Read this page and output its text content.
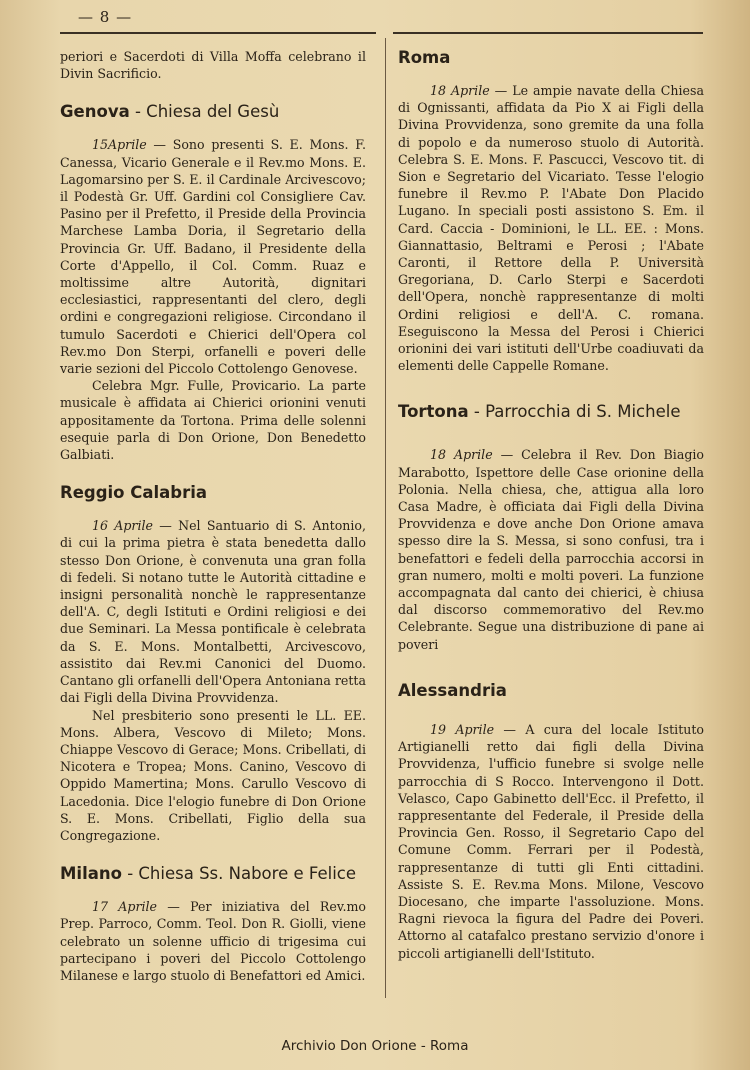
— 8 —

periori e Sacerdoti di Villa Moffa celebrano il Divin Sacrificio.

Genova - Chiesa del Gesù

15Aprile — Sono presenti S. E. Mons. F. Canessa, Vicario Generale e il Rev.mo Mons. E. Lagomarsino per S. E. il Cardinale Arcivescovo; il Podestà Gr. Uff. Gardini col Consigliere Cav. Pasino per il Prefetto, il Preside della Provincia Marchese Lamba Doria, il Segretario della Provincia Gr. Uff. Badano, il Presidente della Corte d'Appello, il Col. Comm. Ruaz e moltissime altre Autorità, dignitari ecclesiastici, rappresentanti del clero, degli ordini e congregazioni religiose. Circondano il tumulo Sacerdoti e Chierici dell'Opera col Rev.mo Don Sterpi, orfanelli e poveri delle varie sezioni del Piccolo Cottolengo Genovese.

Celebra Mgr. Fulle, Provicario. La parte musicale è affidata ai Chierici orionini venuti appositamente da Tortona. Prima delle solenni esequie parla di Don Orione, Don Benedetto Galbiati.

Reggio Calabria

16 Aprile — Nel Santuario di S. Antonio, di cui la prima pietra è stata benedetta dallo stesso Don Orione, è convenuta una gran folla di fedeli. Si notano tutte le Autorità cittadine e insigni personalità nonchè le rappresentanze dell'A. C, degli Istituti e Ordini religiosi e dei due Seminari. La Messa pontificale è celebrata da S. E. Mons. Montalbetti, Arcivescovo, assistito dai Rev.mi Canonici del Duomo. Cantano gli orfanelli dell'Opera Antoniana retta dai Figli della Divina Provvidenza.

Nel presbiterio sono presenti le LL. EE. Mons. Albera, Vescovo di Mileto; Mons. Chiappe Vescovo di Gerace; Mons. Cribellati, di Nicotera e Tropea; Mons. Canino, Vescovo di Oppido Mamertina; Mons. Carullo Vescovo di Lacedonia. Dice l'elogio funebre di Don Orione S. E. Mons. Cribellati, Figlio della sua Congregazione.

Milano - Chiesa Ss. Nabore e Felice

17 Aprile — Per iniziativa del Rev.mo Prep. Parroco, Comm. Teol. Don R. Giolli, viene celebrato un solenne ufficio di trigesima cui partecipano i poveri del Piccolo Cottolengo Milanese e largo stuolo di Benefattori ed Amici.

Roma

18 Aprile — Le ampie navate della Chiesa di Ognissanti, affidata da Pio X ai Figli della Divina Provvidenza, sono gremite da una folla di popolo e da numeroso stuolo di Autorità. Celebra S. E. Mons. F. Pascucci, Vescovo tit. di Sion e Segretario del Vicariato. Tesse l'elogio funebre il Rev.mo P. l'Abate Don Placido Lugano. In speciali posti assistono S. Em. il Card. Caccia - Dominioni, le LL. EE. : Mons. Giannattasio, Beltrami e Perosi ; l'Abate Caronti, il Rettore della P. Università Gregoriana, D. Carlo Sterpi e Sacerdoti dell'Opera, nonchè rappresentanze di molti Ordini religiosi e dell'A. C. romana. Eseguiscono la Messa del Perosi i Chierici orionini dei vari istituti dell'Urbe coadiuvati da elementi delle Cappelle Romane.

Tortona - Parrocchia di S. Michele

18 Aprile — Celebra il Rev. Don Biagio Marabotto, Ispettore delle Case orionine della Polonia. Nella chiesa, che, attigua alla loro Casa Madre, è officiata dai Figli della Divina Provvidenza e dove anche Don Orione amava spesso dire la S. Messa, si sono confusi, tra i benefattori e fedeli della parrocchia accorsi in gran numero, molti e molti poveri. La funzione accompagnata dal canto dei chierici, è chiusa dal discorso commemorativo del Rev.mo Celebrante. Segue una distribuzione di pane ai poveri

Alessandria

19 Aprile — A cura del locale Istituto Artigianelli retto dai figli della Divina Provvidenza, l'ufficio funebre si svolge nelle parrocchia di S Rocco. Intervengono il Dott. Velasco, Capo Gabinetto dell'Ecc. il Prefetto, il rappresentante del Federale, il Preside della Provincia Gen. Rosso, il Segretario Capo del Comune Comm. Ferrari per il Podestà, rappresentanze di tutti gli Enti cittadini. Assiste S. E. Rev.ma Mons. Milone, Vescovo Diocesano, che imparte l'assoluzione. Mons. Ragni rievoca la figura del Padre dei Poveri. Attorno al catafalco prestano servizio d'onore i piccoli artigianelli dell'Istituto.

Archivio Don Orione - Roma
